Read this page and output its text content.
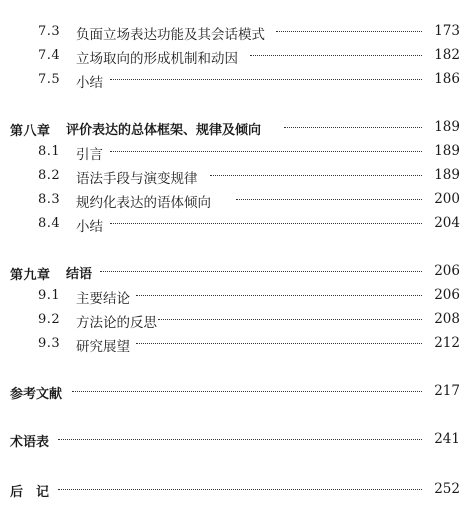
7.3 负面立场表达功能及其会话模式	173
7.4 立场取向的形成机制和动因	182
7.5 小结	186
第八章 评价表达的总体框架、规律及倾向	189
8.1 引言	189
8.2 语法手段与演变规律	189
8.3 规约化表达的语体倾向	200
8.4 小结	204
第九章 结语	206
9.1 主要结论	206
9.2 方法论的反思	208
9.3 研究展望	212
参考文献	217
术语表	241
后　记	252
